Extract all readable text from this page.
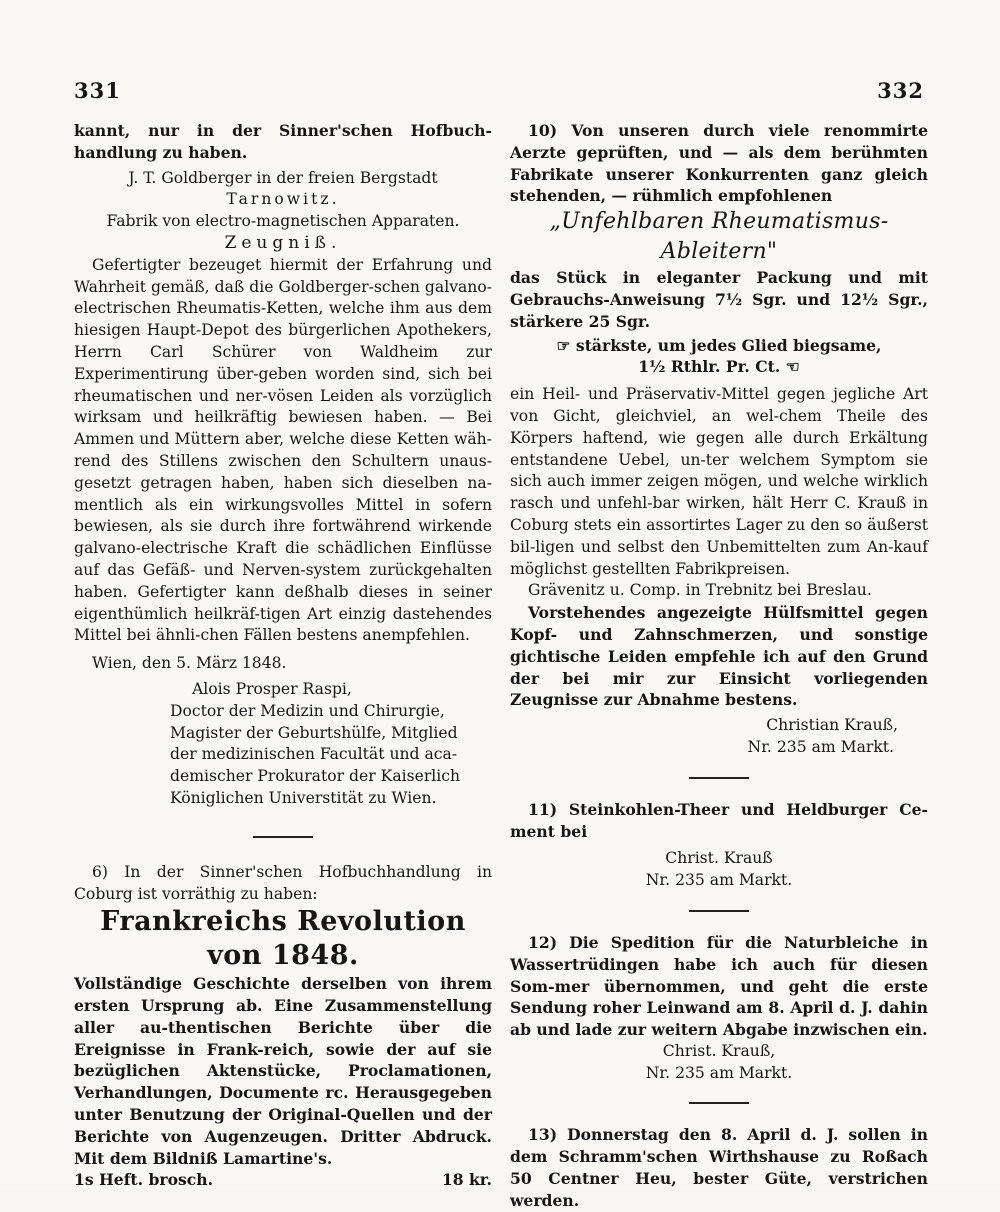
331	332

kannt, nur in der Sinner'schen Hofbuch-handlung zu haben.

J. T. Goldberger in der freien Bergstadt

Tarnowitz.

Fabrik von electro-magnetischen Apparaten.

Zeugniß.

Gefertigter bezeuget hiermit der Erfahrung und Wahrheit gemäß, daß die Goldberger-schen galvano-electrischen Rheumatis-Ketten, welche ihm aus dem hiesigen Haupt-Depot des bürgerlichen Apothekers, Herrn Carl Schürer von Waldheim zur Experimentirung über-geben worden sind, sich bei rheumatischen und ner-vösen Leiden als vorzüglich wirksam und heilkräftig bewiesen haben. — Bei Ammen und Müttern aber, welche diese Ketten wäh-rend des Stillens zwischen den Schultern unaus-gesetzt getragen haben, haben sich dieselben na-mentlich als ein wirkungsvolles Mittel in sofern bewiesen, als sie durch ihre fortwährend wirkende galvano-electrische Kraft die schädlichen Einflüsse auf das Gefäß- und Nerven-system zurückgehalten haben. Gefertigter kann deßhalb dieses in seiner eigenthümlich heilkräf-tigen Art einzig dastehendes Mittel bei ähnli-chen Fällen bestens anempfehlen.

Wien, den 5. März 1848.

Alois Prosper Raspi,

Doctor der Medizin und Chirurgie,

Magister der Geburtshülfe, Mitglied

der medizinischen Facultät und aca-

demischer Prokurator der Kaiserlich

Königlichen Universtität zu Wien.

6) In der Sinner'schen Hofbuchhandlung in Coburg ist vorräthig zu haben:

Frankreichs Revolution von 1848.

Vollständige Geschichte derselben von ihrem ersten Ursprung ab. Eine Zusammenstellung aller au-thentischen Berichte über die Ereignisse in Frank-reich, sowie der auf sie bezüglichen Aktenstücke, Proclamationen, Verhandlungen, Documente rc. Herausgegeben unter Benutzung der Original-Quellen und der Berichte von Augenzeugen. Dritter Abdruck. Mit dem Bildniß Lamartine's.

1s Heft. brosch.	18 kr.

10) Von unseren durch viele renommirte Aerzte geprüften, und — als dem berühmten Fabrikate unserer Konkurrenten ganz gleich stehenden, — rühmlich empfohlenen

„Unfehlbaren Rheumatismus-Ableitern"

das Stück in eleganter Packung und mit Gebrauchs-Anweisung 7½ Sgr. und 12½ Sgr., stärkere 25 Sgr.

☞ stärkste, um jedes Glied biegsame,

1½ Rthlr. Pr. Ct. ☜

ein Heil- und Präservativ-Mittel gegen jegliche Art von Gicht, gleichviel, an wel-chem Theile des Körpers haftend, wie gegen alle durch Erkältung entstandene Uebel, un-ter welchem Symptom sie sich auch immer zeigen mögen, und welche wirklich rasch und unfehl-bar wirken, hält Herr C. Krauß in Coburg stets ein assortirtes Lager zu den so äußerst bil-ligen und selbst den Unbemittelten zum An-kauf möglichst gestellten Fabrikpreisen.

Grävenitz u. Comp. in Trebnitz bei Breslau.

Vorstehendes angezeigte Hülfsmittel gegen Kopf- und Zahnschmerzen, und sonstige gichtische Leiden empfehle ich auf den Grund der bei mir zur Einsicht vorliegenden Zeugnisse zur Abnahme bestens.

Christian Krauß,

Nr. 235 am Markt.

11) Steinkohlen-Theer und Heldburger Ce-ment bei

Christ. Krauß

Nr. 235 am Markt.

12) Die Spedition für die Naturbleiche in Wassertrüdingen habe ich auch für diesen Som-mer übernommen, und geht die erste Sendung roher Leinwand am 8. April d. J. dahin ab und lade zur weitern Abgabe inzwischen ein.

Christ. Krauß,

Nr. 235 am Markt.

13) Donnerstag den 8. April d. J. sollen in dem Schramm'schen Wirthshause zu Roßach 50 Centner Heu, bester Güte, verstrichen werden.
